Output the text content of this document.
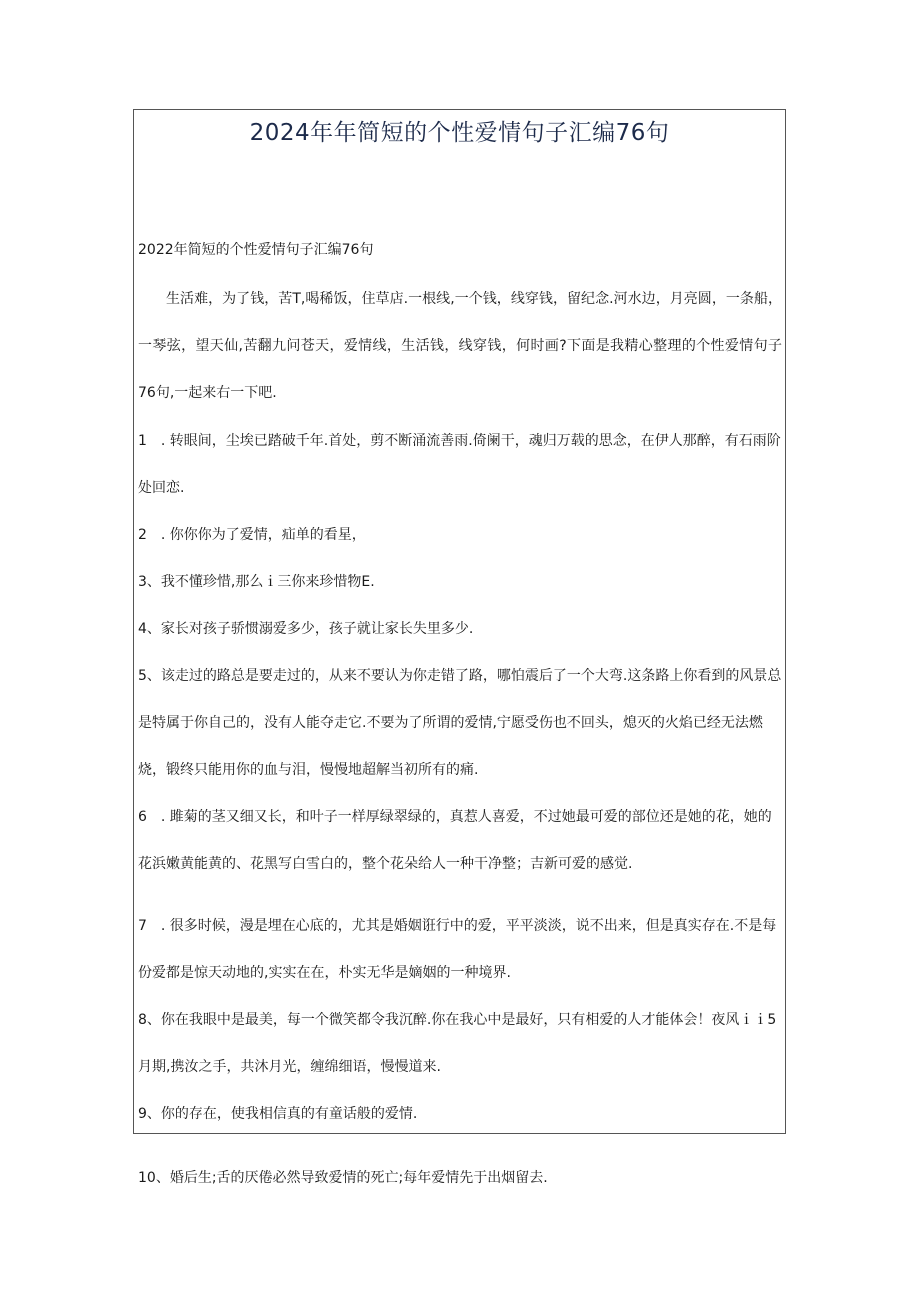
2024年年简短的个性爱情句子汇编76句

2022年简短的个性爱情句子汇编76句

生活难，为了钱，苦T,喝稀饭，住草店.一根线,一个钱，线穿钱，留纪念.河水边，月亮圆，一条船，一琴弦，望天仙,苦翻九问苍天，爱情线，生活钱，线穿钱，何时画?下面是我精心整理的个性爱情句子76句,一起来右一下吧.

1　. 转眼间，尘埃已踏破千年.首处，剪不断涌流善雨.倚阑干，魂归万载的思念，在伊人那醉，有石雨阶处回恋.

2　. 你你你为了爱情，疝单的看星，

3、我不懂珍惜,那么ｉ三你来珍惜物E.

4、家长对孩子骄惯溺爱多少，孩子就让家长失里多少.

5、该走过的路总是要走过的，从来不要认为你走错了路，哪怕震后了一个大弯.这条路上你看到的风景总是特属于你自己的，没有人能夺走它.不要为了所谓的爱情,宁愿受伤也不回头，熄灭的火焰已经无法燃烧，锻终只能用你的血与泪，慢慢地超解当初所有的痛.

6　. 雎菊的茎又细又长，和叶子一样厚绿翠绿的，真惹人喜爱，不过她最可爱的部位还是她的花，她的花浜嫩黄能黄的、花黑写白雪白的，整个花朵给人一种干净整；吉新可爱的感觉.

7　. 很多时候，漫是埋在心底的，尤其是婚姻诳行中的爱，平平淡淡，说不出来，但是真实存在.不是每份爱都是惊天动地的,实实在在，朴实无华是嫡姻的一种境界.

8、你在我眼中是最美，每一个微笑都令我沉醉.你在我心中是最好，只有相爱的人才能体会！夜风ｉｉ5月期,携汝之手，共沐月光，缠绵细语，慢慢道来.

9、你的存在，使我相信真的有童话般的爱情.

10、婚后生;舌的厌倦必然导致爱情的死亡;每年爱情先于出烟留去.
